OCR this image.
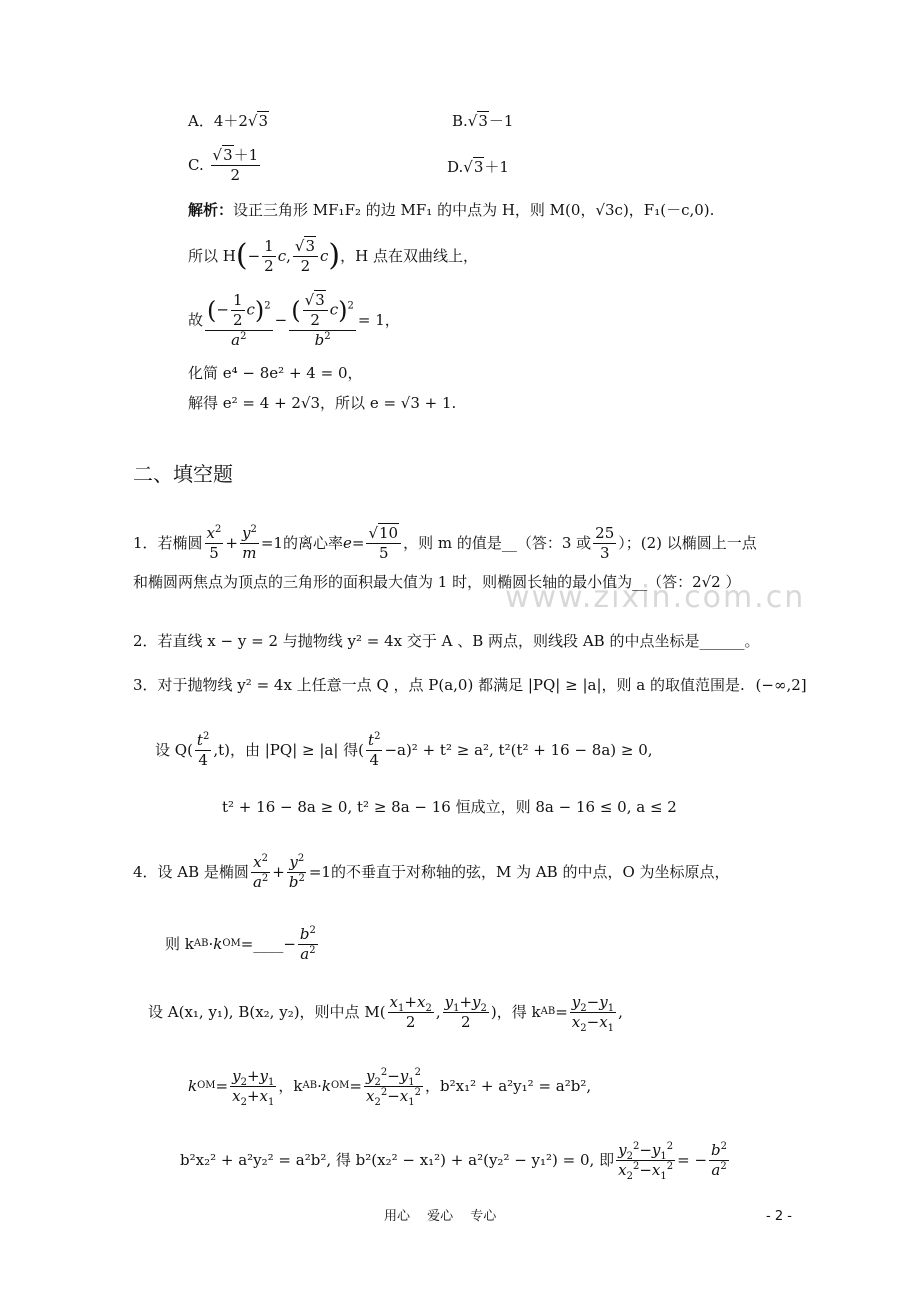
www.zixin.com.cn
A．4＋2√3	B.√3－1
C. $\frac{√3+1}{2}$	D.√3＋1
解析：设正三角形 MF₁F₂ 的边 MF₁ 的中点为 H，则 M(0，√3c)，F₁(－c,0).
所以 H ( − $\frac{1}{2}$ c , $\frac{√3}{2}$ c ) ，H 点在双曲线上，
故 $\frac{(- \frac{1}{2} c)^2}{a^2} - \frac{( \frac{√3}{2} c)^2}{b^2} = 1$，
化简 e⁴ − 8e² + 4 = 0，
解得 e² = 4 + 2√3，所以 e = √3 + 1.
二、填空题
1．若椭圆 $\frac{x^2}{5} + \frac{y^2}{m} =1$ 的离心率 $e = \frac{√10}{5}$ ，则 m 的值是__（答：3 或 $\frac{25}{3}$ ）；(2) 以椭圆上一点
和椭圆两焦点为顶点的三角形的面积最大值为 1 时，则椭圆长轴的最小值为__（答：2√2 ）
2．若直线 x − y = 2 与抛物线 y² = 4x 交于 A 、B 两点，则线段 AB 的中点坐标是______。
3．对于抛物线 y² = 4x 上任意一点 Q ，点 P(a,0) 都满足 |PQ| ≥ |a|，则 a 的取值范围是. (−∞,2]
设 $Q( \frac{t^2}{4} ,t)$，由 |PQ| ≥ |a| 得( $\frac{t^2}{4} -a)^2 + t^2 \ge a^2$, t²(t² + 16 − 8a) ≥ 0,
t² + 16 − 8a ≥ 0, t² ≥ 8a − 16 恒成立，则 8a − 16 ≤ 0, a ≤ 2
4．设 AB 是椭圆 $\frac{x^2}{a^2} + \frac{y^2}{b^2} =1$ 的不垂直于对称轴的弦，M 为 AB 的中点，O 为坐标原点，
则 k AB · k OM = ____− $\frac{b^2}{a^2}$
设 A(x₁, y₁), B(x₂, y₂)，则中点 $M( \frac{x_1+x_2}{2}$ , $\frac{y_1+y_2}{2}$ )，得 k AB = $\frac{y_2-y_1}{x_2-x_1}$ ,
k OM = $\frac{y_2+y_1}{x_2+x_1}$ ，k AB · k OM = $\frac{y_2^2-y_1^2}{x_2^2-x_1^2}$ ，b²x₁² + a²y₁² = a²b²,
b²x₂² + a²y₂² = a²b², 得 b²(x₂² − x₁²) + a²(y₂² − y₁²) = 0, 即 $\frac{y_2^2-y_1^2}{x_2^2-x_1^2}$ = − $\frac{b^2}{a^2}$
用心　 爱心　 专心	- 2 -
